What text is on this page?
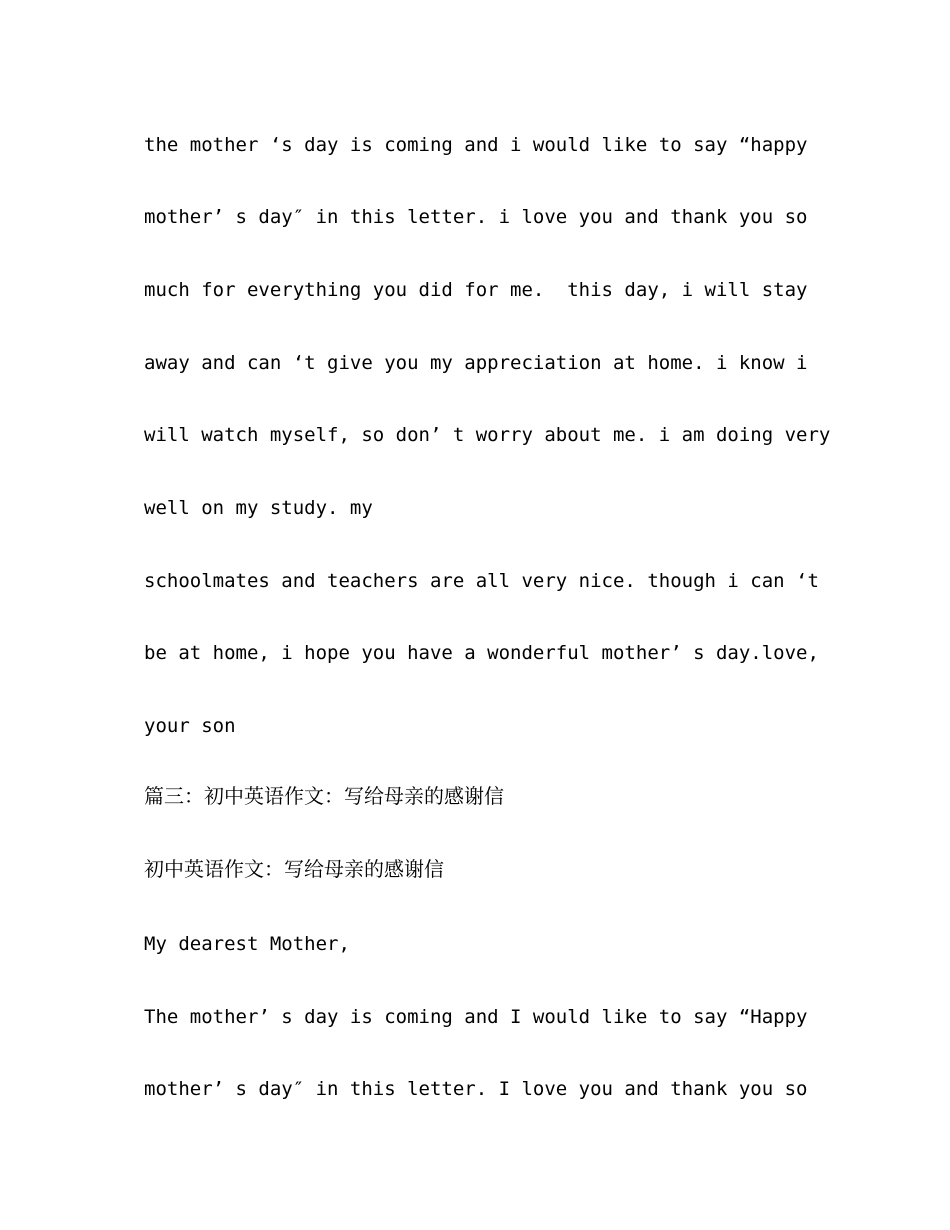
the mother ‘s day is coming and i would like to say “happy
mother’ s day″ in this letter. i love you and thank you so
much for everything you did for me.  this day, i will stay
away and can ‘t give you my appreciation at home. i know i
will watch myself, so don’ t worry about me. i am doing very
well on my study. my
schoolmates and teachers are all very nice. though i can ‘t
be at home, i hope you have a wonderful mother’ s day.love,
your son
篇三：初中英语作文：写给母亲的感谢信
初中英语作文：写给母亲的感谢信
My dearest Mother,
The mother’ s day is coming and I would like to say “Happy
mother’ s day″ in this letter. I love you and thank you so
